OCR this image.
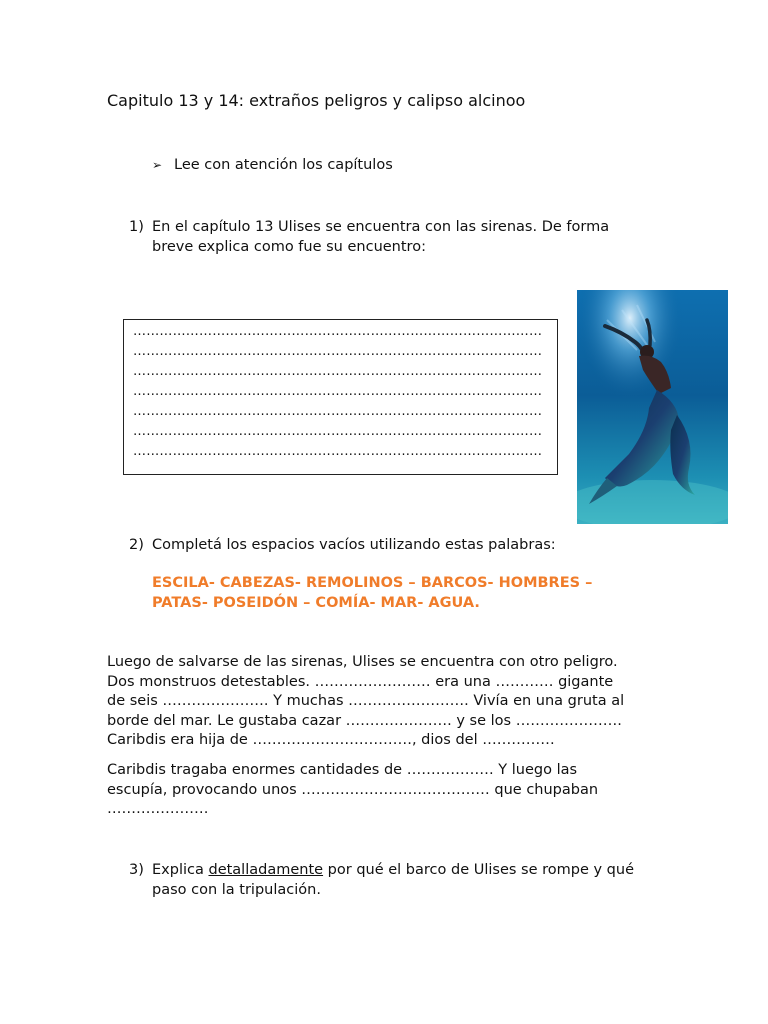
Capitulo 13 y 14: extraños peligros y calipso alcinoo
➢ Lee con atención los capítulos
1) En el capítulo 13 Ulises se encuentra con las sirenas. De forma
breve explica como fue su encuentro:
…………………………………………………………………………………
…………………………………………………………………………………
…………………………………………………………………………………
…………………………………………………………………………………
…………………………………………………………………………………
…………………………………………………………………………………
…………………………………………………………………………………
2) Completá los espacios vacíos utilizando estas palabras:
ESCILA- CABEZAS- REMOLINOS – BARCOS- HOMBRES –
PATAS- POSEIDÓN – COMÍA- MAR- AGUA.
Luego de salvarse de las sirenas, Ulises se encuentra con otro peligro.
Dos monstruos detestables. …………………… era una ………… gigante
de seis …………………. Y muchas ……………………. Vivía en una gruta al
borde del mar. Le gustaba cazar …………………. y se los ………………….
Caribdis era hija de ……………………………, dios del ……………
Caribdis tragaba enormes cantidades de ……………… Y luego las
escupía, provocando unos ………………………………… que chupaban
…………………
3) Explica detalladamente por qué el barco de Ulises se rompe y qué
paso con la tripulación.
